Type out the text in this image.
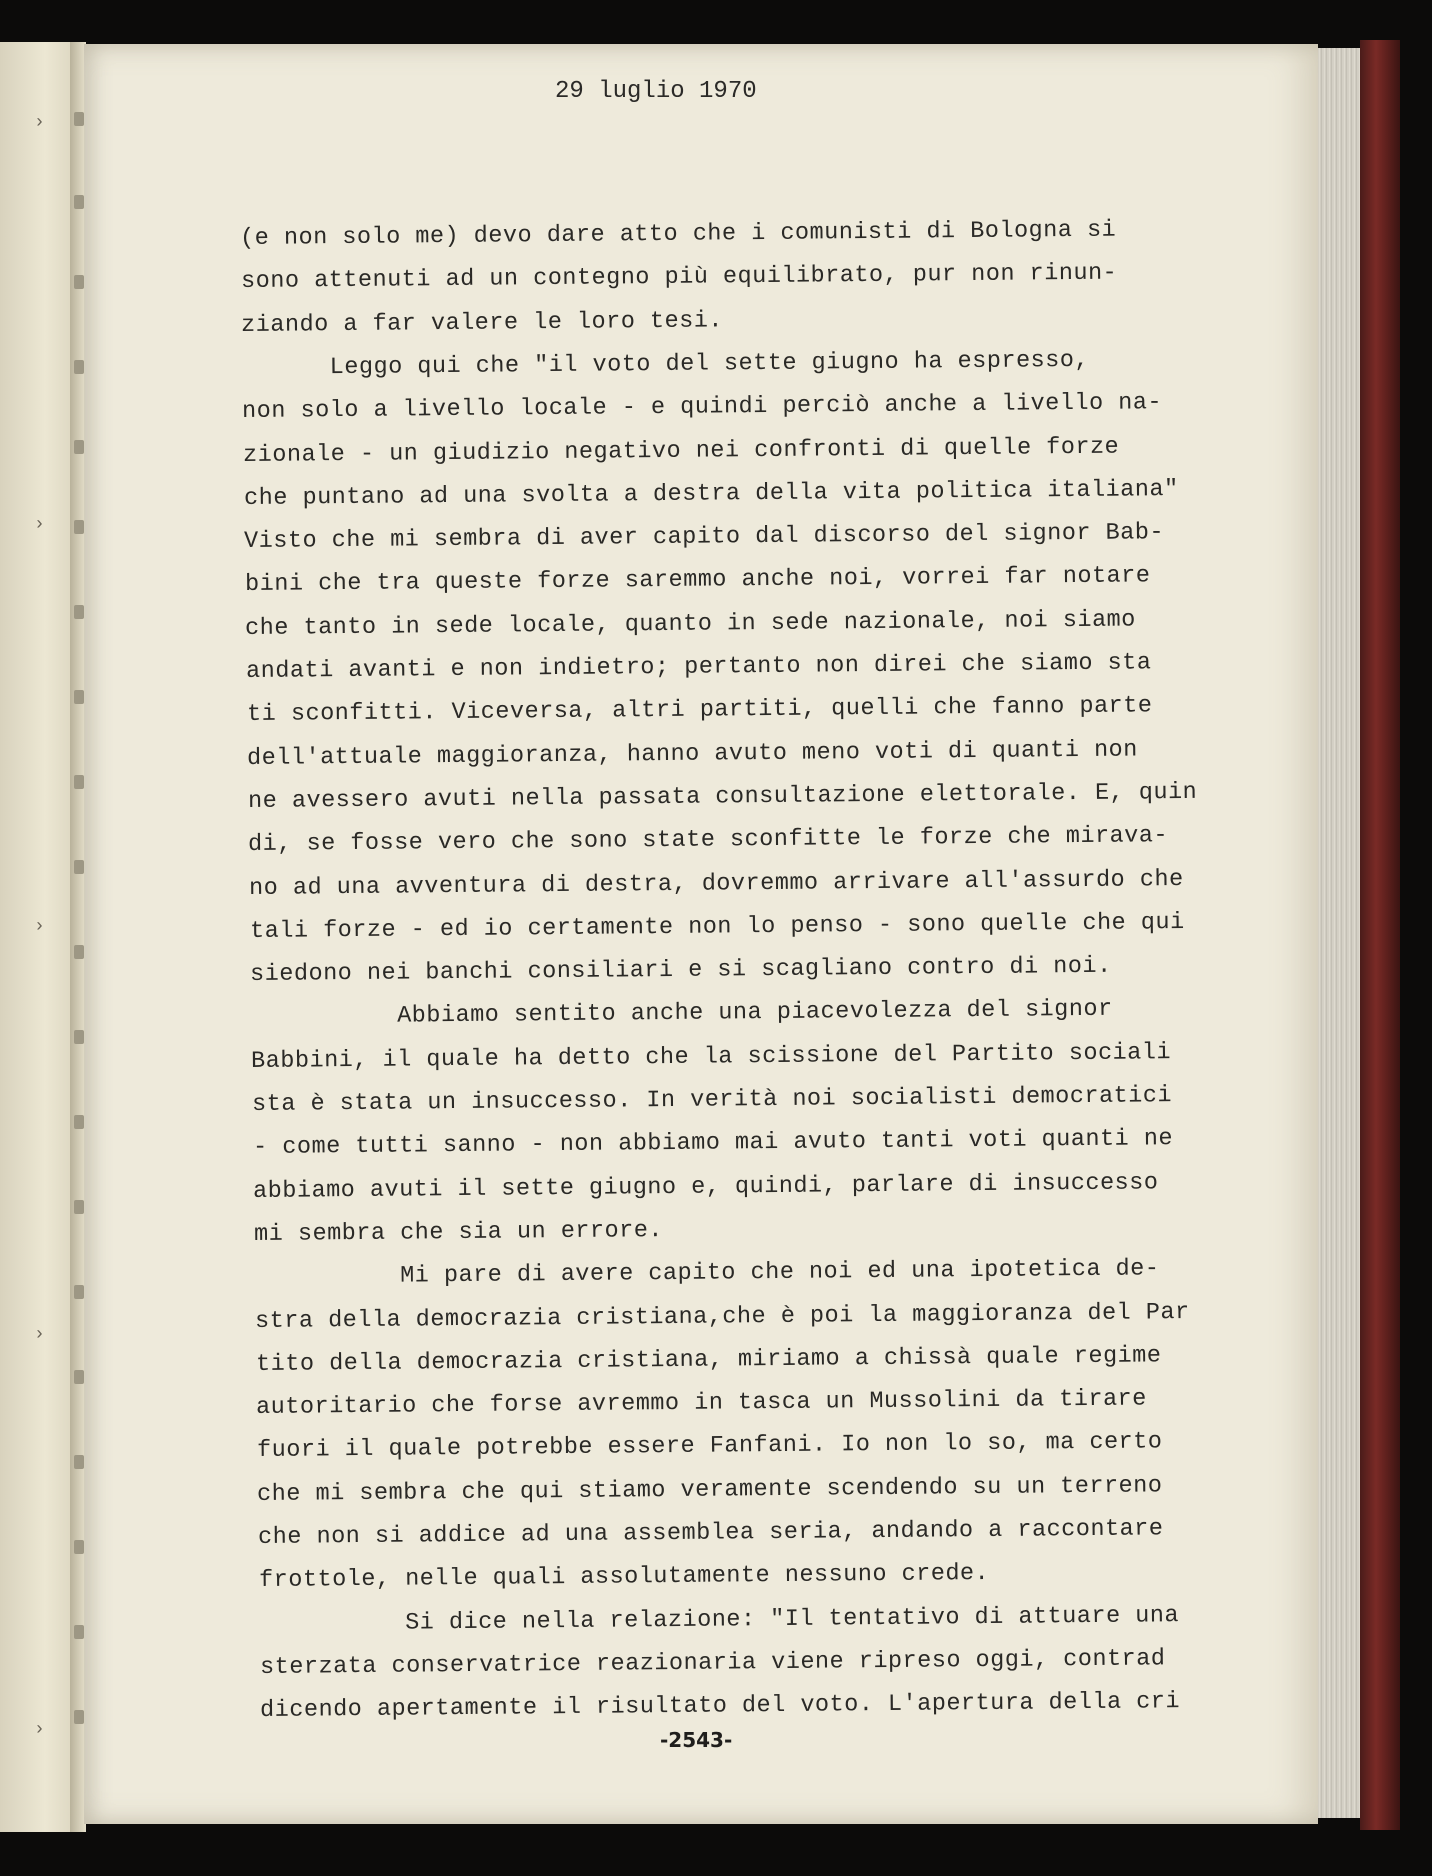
›
›
›
›
›
29 luglio 1970
(e non solo me) devo dare atto che i comunisti di Bologna si
sono attenuti ad un contegno più equilibrato, pur non rinun-
ziando a far valere le loro tesi.
Leggo qui che "il voto del sette giugno ha espresso,
non solo a livello locale - e quindi perciò anche a livello na-
zionale - un giudizio negativo nei confronti di quelle forze
che puntano ad una svolta a destra della vita politica italiana"
Visto che mi sembra di aver capito dal discorso del signor Bab-
bini che tra queste forze saremmo anche noi, vorrei far notare
che tanto in sede locale, quanto in sede nazionale, noi siamo
andati avanti e non indietro; pertanto non direi che siamo sta
ti sconfitti. Viceversa, altri partiti, quelli che fanno parte
dell'attuale maggioranza, hanno avuto meno voti di quanti non
ne avessero avuti nella passata consultazione elettorale. E, quin
di, se fosse vero che sono state sconfitte le forze che mirava-
no ad una avventura di destra, dovremmo arrivare all'assurdo che
tali forze - ed io certamente non lo penso - sono quelle che qui
siedono nei banchi consiliari e si scagliano contro di noi.
Abbiamo sentito anche una piacevolezza del signor
Babbini, il quale ha detto che la scissione del Partito sociali
sta è stata un insuccesso. In verità noi socialisti democratici
- come tutti sanno - non abbiamo mai avuto tanti voti quanti ne
abbiamo avuti il sette giugno e, quindi, parlare di insuccesso
mi sembra che sia un errore.
Mi pare di avere capito che noi ed una ipotetica de-
stra della democrazia cristiana,che è poi la maggioranza del Par
tito della democrazia cristiana, miriamo a chissà quale regime
autoritario che forse avremmo in tasca un Mussolini da tirare
fuori il quale potrebbe essere Fanfani. Io non lo so, ma certo
che mi sembra che qui stiamo veramente scendendo su un terreno
che non si addice ad una assemblea seria, andando a raccontare
frottole, nelle quali assolutamente nessuno crede.
Si dice nella relazione: "Il tentativo di attuare una
sterzata conservatrice reazionaria viene ripreso oggi, contrad
dicendo apertamente il risultato del voto. L'apertura della cri
-2543-
